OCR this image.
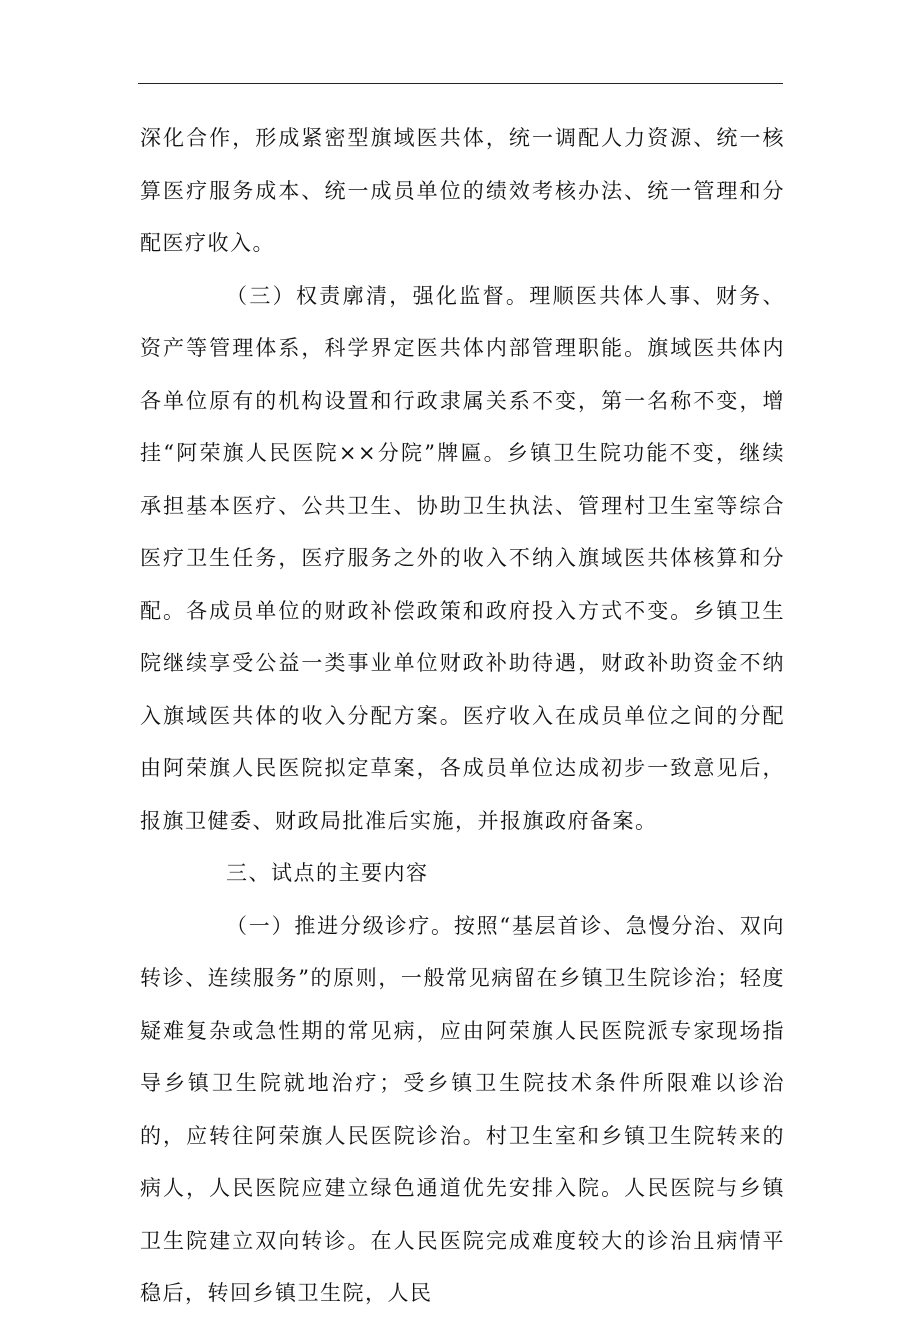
深化合作，形成紧密型旗域医共体，统一调配人力资源、统一核算医疗服务成本、统一成员单位的绩效考核办法、统一管理和分配医疗收入。

（三）权责廓清，强化监督。理顺医共体人事、财务、资产等管理体系，科学界定医共体内部管理职能。旗域医共体内各单位原有的机构设置和行政隶属关系不变，第一名称不变，增挂“阿荣旗人民医院××分院”牌匾。乡镇卫生院功能不变，继续承担基本医疗、公共卫生、协助卫生执法、管理村卫生室等综合医疗卫生任务，医疗服务之外的收入不纳入旗域医共体核算和分配。各成员单位的财政补偿政策和政府投入方式不变。乡镇卫生院继续享受公益一类事业单位财政补助待遇，财政补助资金不纳入旗域医共体的收入分配方案。医疗收入在成员单位之间的分配由阿荣旗人民医院拟定草案，各成员单位达成初步一致意见后，报旗卫健委、财政局批准后实施，并报旗政府备案。

三、试点的主要内容

（一）推进分级诊疗。按照“基层首诊、急慢分治、双向转诊、连续服务”的原则，一般常见病留在乡镇卫生院诊治；轻度疑难复杂或急性期的常见病，应由阿荣旗人民医院派专家现场指导乡镇卫生院就地治疗；受乡镇卫生院技术条件所限难以诊治的，应转往阿荣旗人民医院诊治。村卫生室和乡镇卫生院转来的病人，人民医院应建立绿色通道优先安排入院。人民医院与乡镇卫生院建立双向转诊。在人民医院完成难度较大的诊治且病情平稳后，转回乡镇卫生院，人民
